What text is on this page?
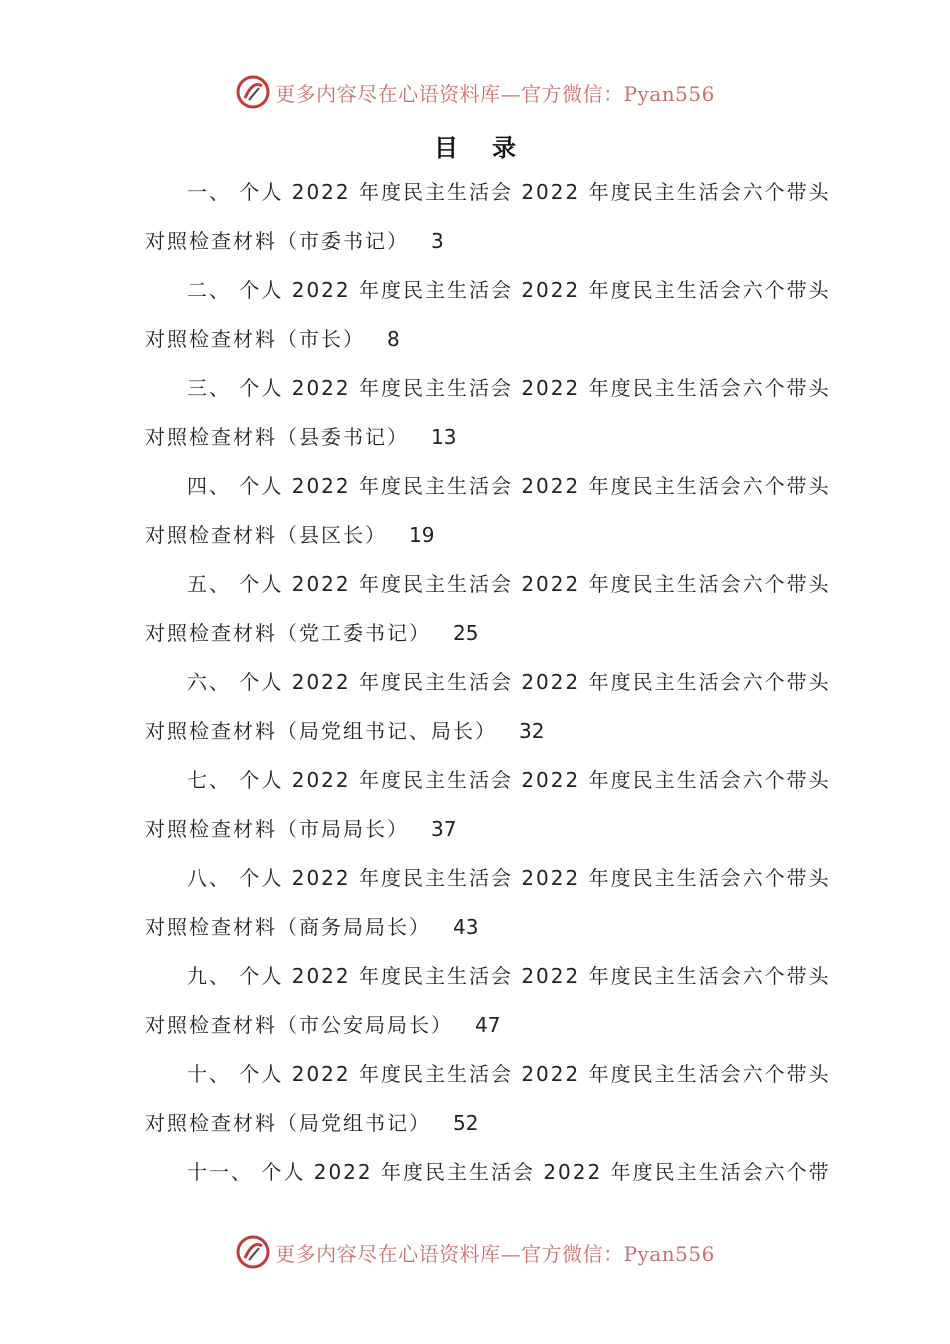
更多内容尽在心语资料库—官方微信：Pyan556
目录
一、 个人 2022 年度民主生活会 2022 年度民主生活会六个带头
对照检查材料（市委书记） 3
二、 个人 2022 年度民主生活会 2022 年度民主生活会六个带头
对照检查材料（市长） 8
三、 个人 2022 年度民主生活会 2022 年度民主生活会六个带头
对照检查材料（县委书记） 13
四、 个人 2022 年度民主生活会 2022 年度民主生活会六个带头
对照检查材料（县区长） 19
五、 个人 2022 年度民主生活会 2022 年度民主生活会六个带头
对照检查材料（党工委书记） 25
六、 个人 2022 年度民主生活会 2022 年度民主生活会六个带头
对照检查材料（局党组书记、局长） 32
七、 个人 2022 年度民主生活会 2022 年度民主生活会六个带头
对照检查材料（市局局长） 37
八、 个人 2022 年度民主生活会 2022 年度民主生活会六个带头
对照检查材料（商务局局长） 43
九、 个人 2022 年度民主生活会 2022 年度民主生活会六个带头
对照检查材料（市公安局局长） 47
十、 个人 2022 年度民主生活会 2022 年度民主生活会六个带头
对照检查材料（局党组书记） 52
十一、 个人 2022 年度民主生活会 2022 年度民主生活会六个带
更多内容尽在心语资料库—官方微信：Pyan556
